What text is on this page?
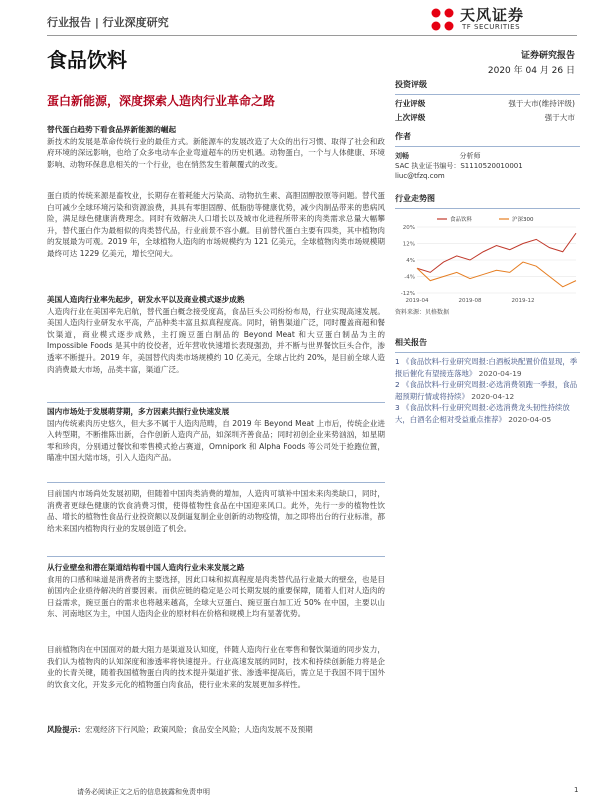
行业报告 | 行业深度研究	天风证券
TF SECURITIES
食品饮料	证券研究报告
2020 年 04 月 26 日
蛋白新能源，深度探索人造肉行业革命之路
替代蛋白趋势下看食品界新能源的崛起
新技术的发展是革命传统行业的最佳方式。新能源车的发展改造了大众的出行习惯、取得了社会和政府环境的深远影响，也给了众多电动车企业弯道超车的历史机遇。动物蛋白，一个与人体健康、环境影响、动物环保息息相关的一个行业，也在悄然发生着颠覆式的改变。
蛋白质的传统来源是畜牧业，长期存在着耗能大污染高、动物抗生素、高胆固醇胶原等问题。替代蛋白可减少全球环境污染和资源浪费，具具有零胆固醇、低脂肪等健康优势，减少肉制品带来的患病风险，满足绿色健康消费理念。同时有效解决人口增长以及城市化进程所带来的肉类需求总量大幅攀升，替代蛋白作为最相似的肉类替代品，行业前景不容小觑。目前替代蛋白主要有四类，其中植物肉的发展最为可观。2019 年，全球植物人造肉的市场规模约为 121 亿美元，全球植物肉类市场规模期最终可达 1229 亿美元，增长空间大。
美国人造肉行业率先起步，研发水平以及商业模式逐步成熟
人造肉行业在美国率先启航，替代蛋白概念接受度高，食品巨头公司纷纷布局，行业实现高速发展。美国人造肉行业研发水平高，产品种类丰富且拟真程度高。同时，销售渠道广泛，同时覆盖商超和餐饮渠道，商业模式逐步成熟，主打豌豆蛋白制品的 Beyond Meat 和大豆蛋白制品为主的 Impossible Foods 是其中的佼佼者，近年营收快速增长表现强劲，并不断与世界餐饮巨头合作，渗透率不断提升。2019 年，美国替代肉类市场规模约 10 亿美元，全球占比约 20%，是目前全球人造肉消费最大市场，品类丰富，渠道广泛。
国内市场处于发展萌芽期，多方因素共振行业快速发展
国内传统素肉历史悠久，但大多不属于人造肉范畴，自 2019 年 Beyond Meat 上市后，传统企业进入转型期，不断推陈出新，合作创新人造肉产品，如深圳齐善食品；同时初创企业来势汹汹，如星期零和珍肉，分别通过餐饮和零售模式抢占赛道，Omnipork 和 Alpha Foods 等公司处于抢跑位置，瞄准中国大陆市场，引入人造肉产品。
目前国内市场尚处发展初期，但随着中国肉类消费的增加，人造肉可填补中国未来肉类缺口，同时，消费者更绿色健康的饮食消费习惯，使得植物性食品在中国迎来风口。此外，先行一步的植物性饮品、增长的植物性食品行业投资额以及倒逼复制企业创新的动物疫情，加之即将出台的行业标准，都给未来国内植物肉行业的发展创造了机会。
从行业壁垒和潜在渠道结构看中国人造肉行业未来发展之路
食用的口感和味道是消费者的主要选择，因此口味和拟真程度是肉类替代品行业最大的壁垒，也是目前国内企业亟待解决的首要因素。而供应链的稳定是公司长期发展的重要保障，随着人们对人造肉的日益需求，豌豆蛋白的需求也将越来越高，全球大豆蛋白、豌豆蛋白加工近 50% 在中国，主要以山东、河南地区为主，中国人造肉企业的原材料在价格和规模上均有显著优势。
目前植物肉在中国面对的最大阻力是渠道及认知度，伴随人造肉行业在零售和餐饮渠道的同步发力，我们认为植物肉的认知深度和渗透率将快速提升。行业高速发展的同时，技术和持续创新能力将是企业的长青关键，随着我国植物蛋白肉的技术提升渠道扩张、渗透率提高后，需立足于我国不同于国外的饮食文化，开发多元化的植物蛋白肉食品，使行业未来的发展更加多样性。
风险提示：宏观经济下行风险；政策风险；食品安全风险；人造肉发展不及预期
投资评级
行业评级	强于大市(维持评级)
上次评级	强于大市
作者
刘畅	分析师
SAC 执业证书编号：S1110520010001
liuc@tfzq.com
行业走势图
20%
12%
4%
-4%
-12%
2019-04	2019-08	2019-12
食品饮料	沪深300
资料来源：贝格数据
相关报告
1 《食品饮料-行业研究周报:白酒板块配置价值显现，季报后催化有望接连落地》 2020-04-19
2 《食品饮料-行业研究周报:必选消费领跑一季报，食品超预期行情或将持续》 2020-04-12
3 《食品饮料-行业研究周报:必选消费龙头韧性持续放大，白酒名企相对受益重点推荐》 2020-04-05
请务必阅读正文之后的信息披露和免责申明	1
